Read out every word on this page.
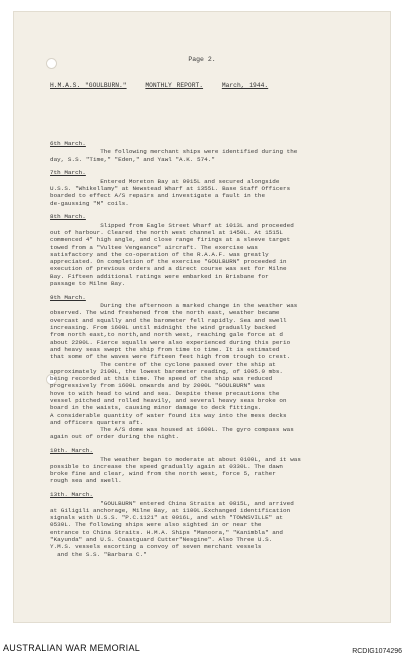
Page 2.
H.M.A.S. "GOULBURN."	MONTHLY REPORT.	March, 1944.
6th March.

The following merchant ships were identified during the
day, S.S. "Time," "Eden," and Yawl "A.K. 574."

7th March.

Entered Moreton Bay at 0915L and secured alongside
U.S.S. "Whikellamy" at Newstead Wharf at 1355L. Base Staff Officers
boarded to effect A/S repairs and investigate a fault in the
de-gaussing "M" coils.

8th March.

Slipped from Eagle Street Wharf at 1013L and proceeded
out of harbour. Cleared the north west channel at 1450L. At 1515L
commenced 4" high angle, and close range firings at a sleeve target
towed from a "Vultee Vengeance" aircraft. The exercise was
satisfactory and the co-operation of the R.A.A.F. was greatly
appreciated. On completion of the exercise "GOULBURN" proceeded in
execution of previous orders and a direct course was set for Milne
Bay. Fifteen additional ratings were embarked in Brisbane for
passage to Milne Bay.

9th March.

During the afternoon a marked change in the weather was
observed. The wind freshened from the north east, weather became
overcast and squally and the barometer fell rapidly. Sea and swell
increasing. From 1600L until midnight the wind gradually backed
from north east,to north,and north west, reaching gale force at d
about 2200L. Fierce squalls were also experienced during this perio
and heavy seas swept the ship from time to time. It is estimated
that some of the waves were fifteen feet high from trough to crest.
The centre of the cyclone passed over the ship at
approximately 2100L, the lowest barometer reading, of 1005.0 mbs.
being recorded at this time. The speed of the ship was reduced
progressively from 1600L onwards and by 2000L "GOULBURN" was
hove to with head to wind and sea. Despite these precautions the
vessel pitched and rolled heavily, and several heavy seas broke on
board in the waists, causing minor damage to deck fittings.
A considerable quantity of water found its way into the mess decks
and officers quarters aft.
The A/S dome was housed at 1600L. The gyro compass was
again out of order during the night.

10th. March.

The weather began to moderate at about 0100L, and it was
possible to increase the speed gradually again at 0330L. The dawn
broke fine and clear, wind from the north west, force 5, rather
rough sea and swell.

13th. March.

"GOULBURN" entered China Straits at 0815L, and arrived
at Giligili anchorage, Milne Bay, at 1100L.Exchanged identification
signals with U.S.S. "P.C.1121" at 0016L, and with "TOWNSVILLE" at
0530L. The following ships were also sighted in or near the
entrance to China Straits. H.M.A. Ships "Manoora," "Kanimbla" and
"Kayunda" and U.S. Coastguard Cutter"Nesgine". Also Three U.S.
Y.M.S. vessels escorting a convoy of seven merchant vessels
and the S.S. "Barbara C."

AUSTRALIAN WAR MEMORIAL	RCDIG1074296
